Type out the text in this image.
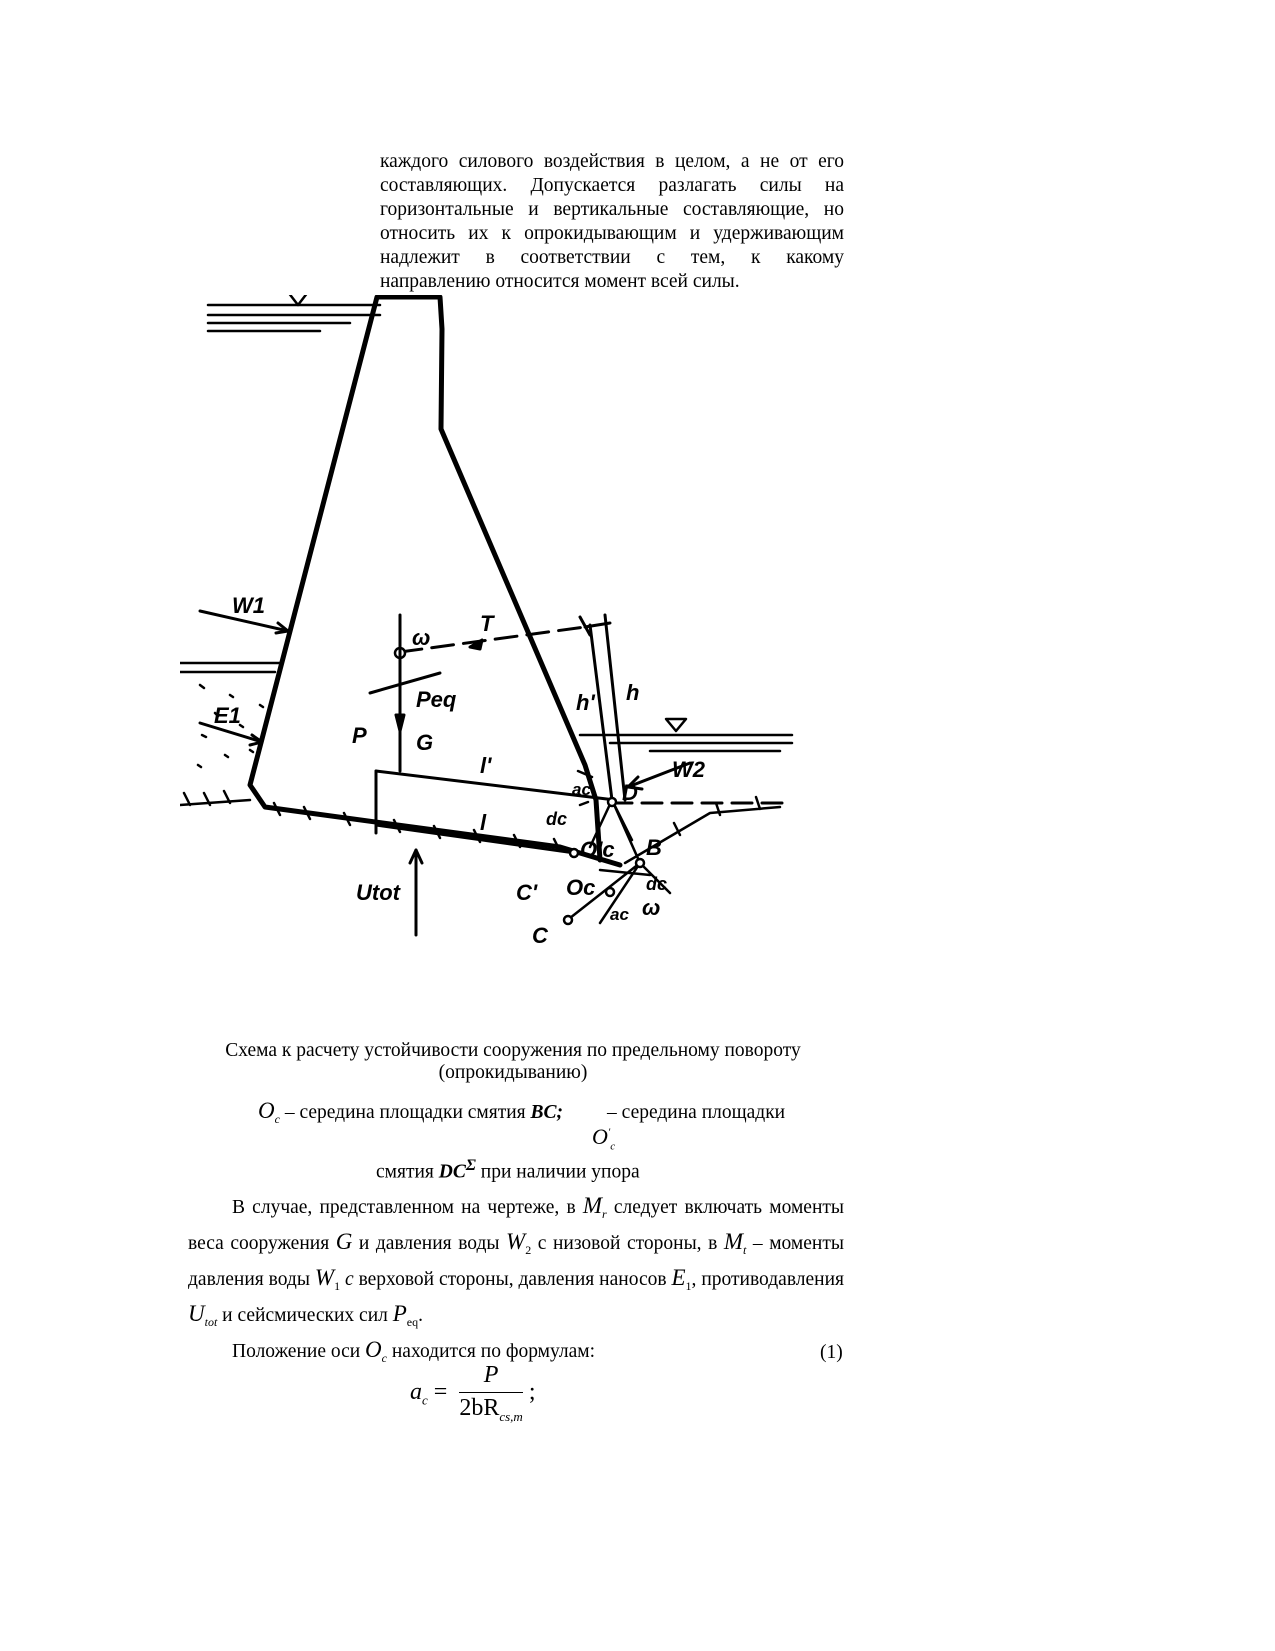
каждого силового воздействия в целом, а не от его

составляющих. Допускается разлагать силы на

горизонтальные и вертикальные составляющие, но

относить их к опрокидывающим и удерживающим

надлежит в соответствии с тем, к какому

направлению относится момент всей силы.

W1
E1
ω
T
Peq
P G
h' h
W2
l'
l
D
B
ac
dc
O'c
Oc	dc
ac ω
C'
C
Utot
Схема к расчету устойчивости сооружения по предельному повороту
(опрокидыванию)
$O_c$ – середина площадки смятия BC; – середина площадки
$O'_c$
смятия $DC^\Sigma$ при наличии упора

В случае, представленном на чертеже, в $M_r$ следует включать моменты веса сооружения G и давления воды $W_2$ с низовой стороны, в $M_t$ – моменты давления воды $W_1$ с верховой стороны, давления наносов $E_1$, противодавления $U_{tot}$ и сейсмических сил $P_{eq}$.

Положение оси $O_c$ находится по формулам:	(1)
$a_c = \frac{P}{2bR_{cs,m}}$ ;
